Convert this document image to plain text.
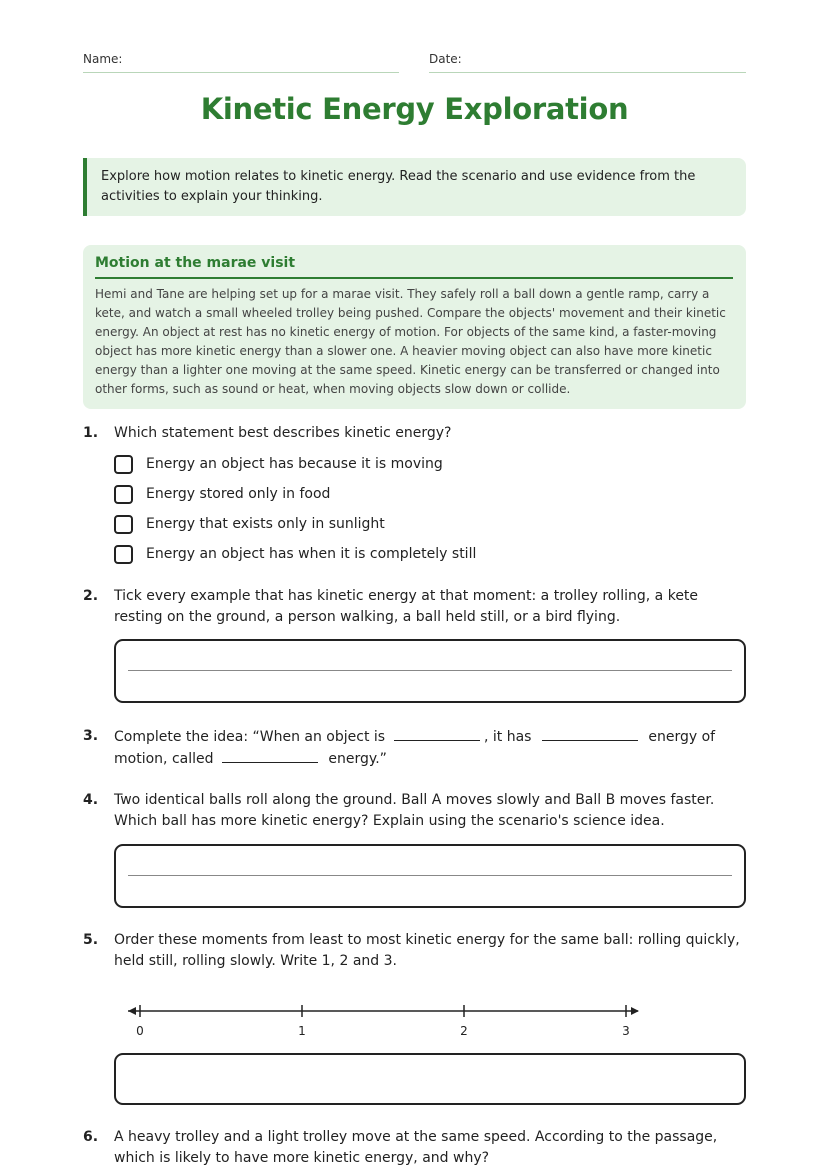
Name:	Date:
Kinetic Energy Exploration
Explore how motion relates to kinetic energy. Read the scenario and use evidence from the activities to explain your thinking.
Motion at the marae visit
Hemi and Tane are helping set up for a marae visit. They safely roll a ball down a gentle ramp, carry a kete, and watch a small wheeled trolley being pushed. Compare the objects' movement and their kinetic energy. An object at rest has no kinetic energy of motion. For objects of the same kind, a faster-moving object has more kinetic energy than a slower one. A heavier moving object can also have more kinetic energy than a lighter one moving at the same speed. Kinetic energy can be transferred or changed into other forms, such as sound or heat, when moving objects slow down or collide.
1. Which statement best describes kinetic energy?
Energy an object has because it is moving
Energy stored only in food
Energy that exists only in sunlight
Energy an object has when it is completely still
2. Tick every example that has kinetic energy at that moment: a trolley rolling, a kete resting on the ground, a person walking, a ball held still, or a bird flying.
3. Complete the idea: “When an object is	, it has	energy of motion, called	energy.”
4. Two identical balls roll along the ground. Ball A moves slowly and Ball B moves faster. Which ball has more kinetic energy? Explain using the scenario's science idea.
5. Order these moments from least to most kinetic energy for the same ball: rolling quickly, held still, rolling slowly. Write 1, 2 and 3.
0	1	2	3
6. A heavy trolley and a light trolley move at the same speed. According to the passage, which is likely to have more kinetic energy, and why?
